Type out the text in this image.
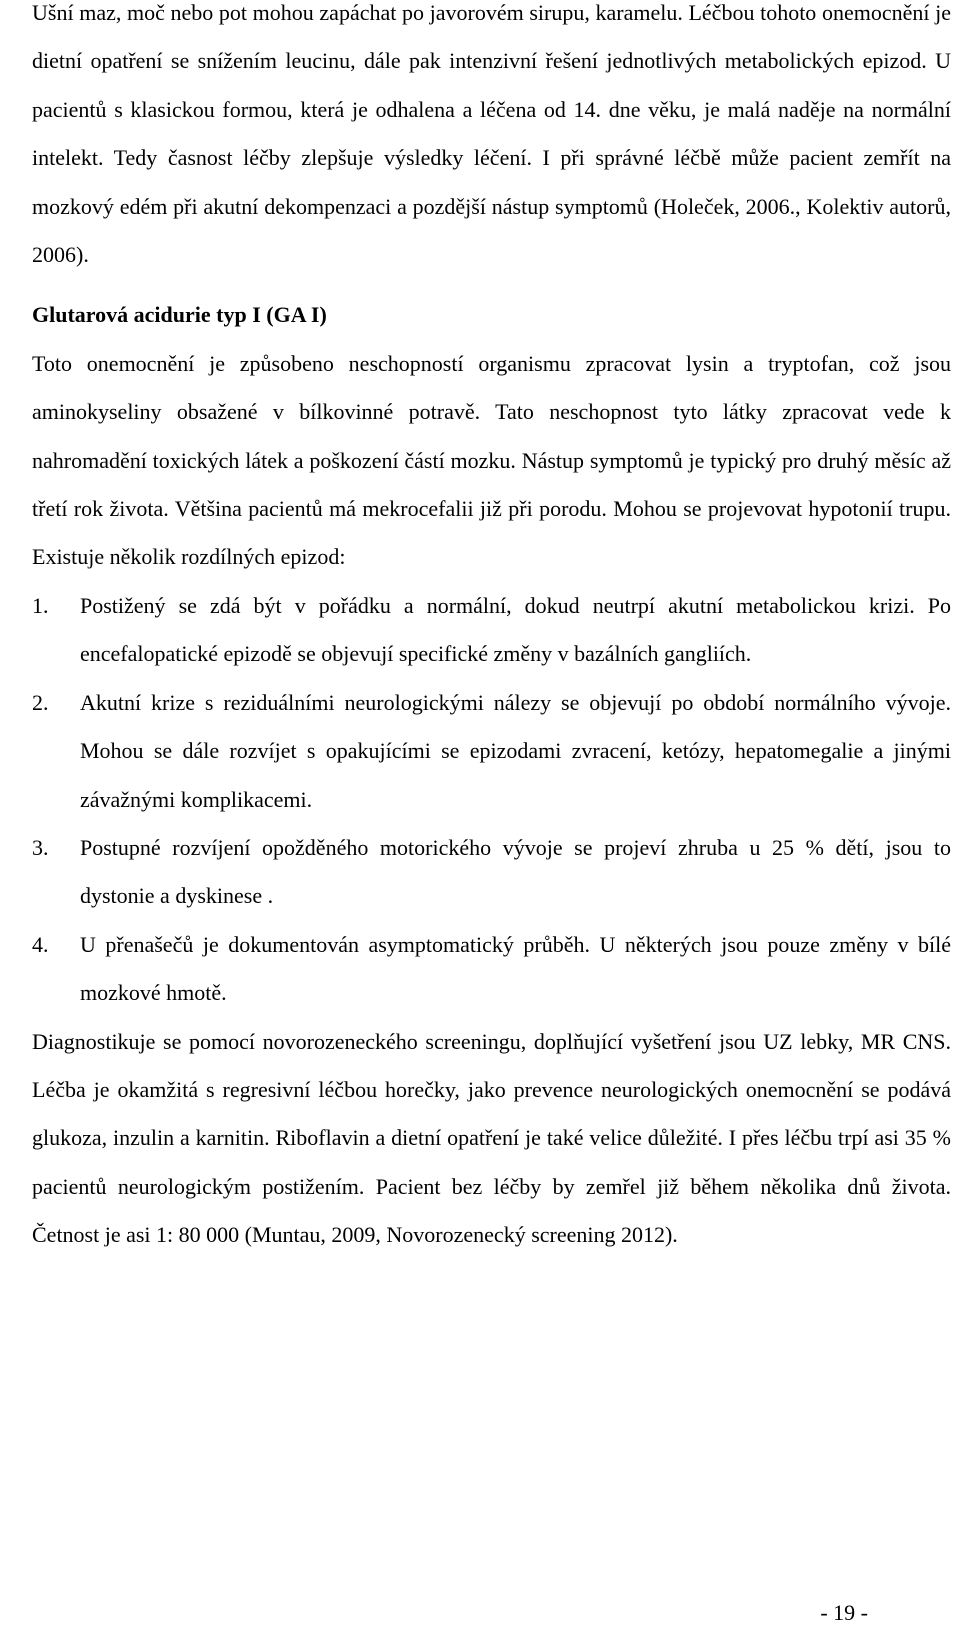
Ušní maz, moč nebo pot mohou zapáchat po javorovém sirupu, karamelu. Léčbou tohoto onemocnění je dietní opatření se snížením leucinu, dále pak intenzivní řešení jednotlivých metabolických epizod. U pacientů s klasickou formou, která je odhalena a léčena od 14. dne věku, je malá naděje na normální intelekt. Tedy časnost léčby zlepšuje výsledky léčení. I při správné léčbě může pacient zemřít na mozkový edém při akutní dekompenzaci a pozdější nástup symptomů (Holeček, 2006., Kolektiv autorů, 2006).

Glutarová acidurie typ I (GA I)

Toto onemocnění je způsobeno neschopností organismu zpracovat lysin a tryptofan, což jsou aminokyseliny obsažené v bílkovinné potravě. Tato neschopnost tyto látky zpracovat vede k nahromadění toxických látek a poškození částí mozku. Nástup symptomů je typický pro druhý měsíc až třetí rok života. Většina pacientů má mekrocefalii již při porodu. Mohou se projevovat hypotonií trupu. Existuje několik rozdílných epizod:

1.	Postižený se zdá být v pořádku a normální, dokud neutrpí akutní metabolickou krizi. Po encefalopatické epizodě se objevují specifické změny v bazálních gangliích.
2.	Akutní krize s reziduálními neurologickými nálezy se objevují po období normálního vývoje. Mohou se dále rozvíjet s opakujícími se epizodami zvracení, ketózy, hepatomegalie a jinými závažnými komplikacemi.
3.	Postupné rozvíjení opožděného motorického vývoje se projeví zhruba u 25 % dětí, jsou to dystonie a dyskinese .
4.	U přenašečů je dokumentován asymptomatický průběh. U některých jsou pouze změny v bílé mozkové hmotě.

Diagnostikuje se pomocí novorozeneckého screeningu, doplňující vyšetření jsou UZ lebky, MR CNS. Léčba je okamžitá s regresivní léčbou horečky, jako prevence neurologických onemocnění se podává glukoza, inzulin a karnitin. Riboflavin a dietní opatření je také velice důležité. I přes léčbu trpí asi 35 % pacientů neurologickým postižením. Pacient bez léčby by zemřel již během několika dnů života. Četnost je asi 1: 80 000 (Muntau, 2009, Novorozenecký screening 2012).

- 19 -
